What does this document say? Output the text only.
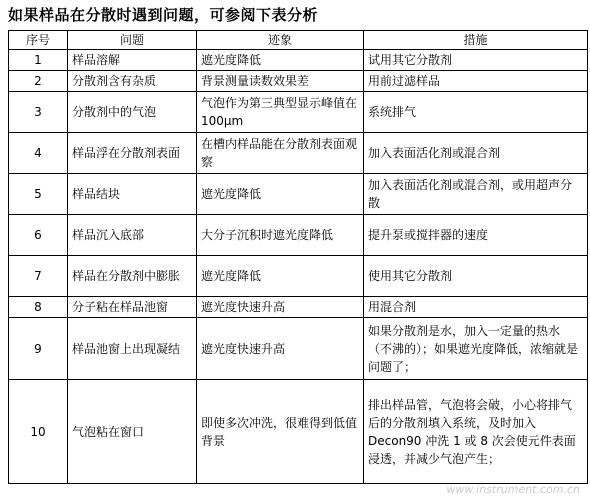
如果样品在分散时遇到问题，可参阅下表分析
序号	问题	迹象	措施
1	样品溶解	遮光度降低	试用其它分散剂
2	分散剂含有杂质	背景测量读数效果差	用前过滤样品
3	分散剂中的气泡	气泡作为第三典型显示峰值在 100μm	系统排气
4	样品浮在分散剂表面	在槽内样品能在分散剂表面观察	加入表面活化剂或混合剂
5	样品结块	遮光度降低	加入表面活化剂或混合剂，或用超声分散
6	样品沉入底部	大分子沉积时遮光度降低	提升泵或搅拌器的速度
7	样品在分散剂中膨胀	遮光度降低	使用其它分散剂
8	分子粘在样品池窗	遮光度快速升高	用混合剂
9	样品池窗上出现凝结	遮光度快速升高	如果分散剂是水，加入一定量的热水（不沸的）；如果遮光度降低，浓缩就是问题了；
10	气泡粘在窗口	即使多次冲洗，很难得到低值背景	排出样品管，气泡将会破，小心将排气后的分散剂填入系统，及时加入 Decon90 冲洗 1 或 8 次会使元件表面浸透，并减少气泡产生；
www.instrument.com.cn
